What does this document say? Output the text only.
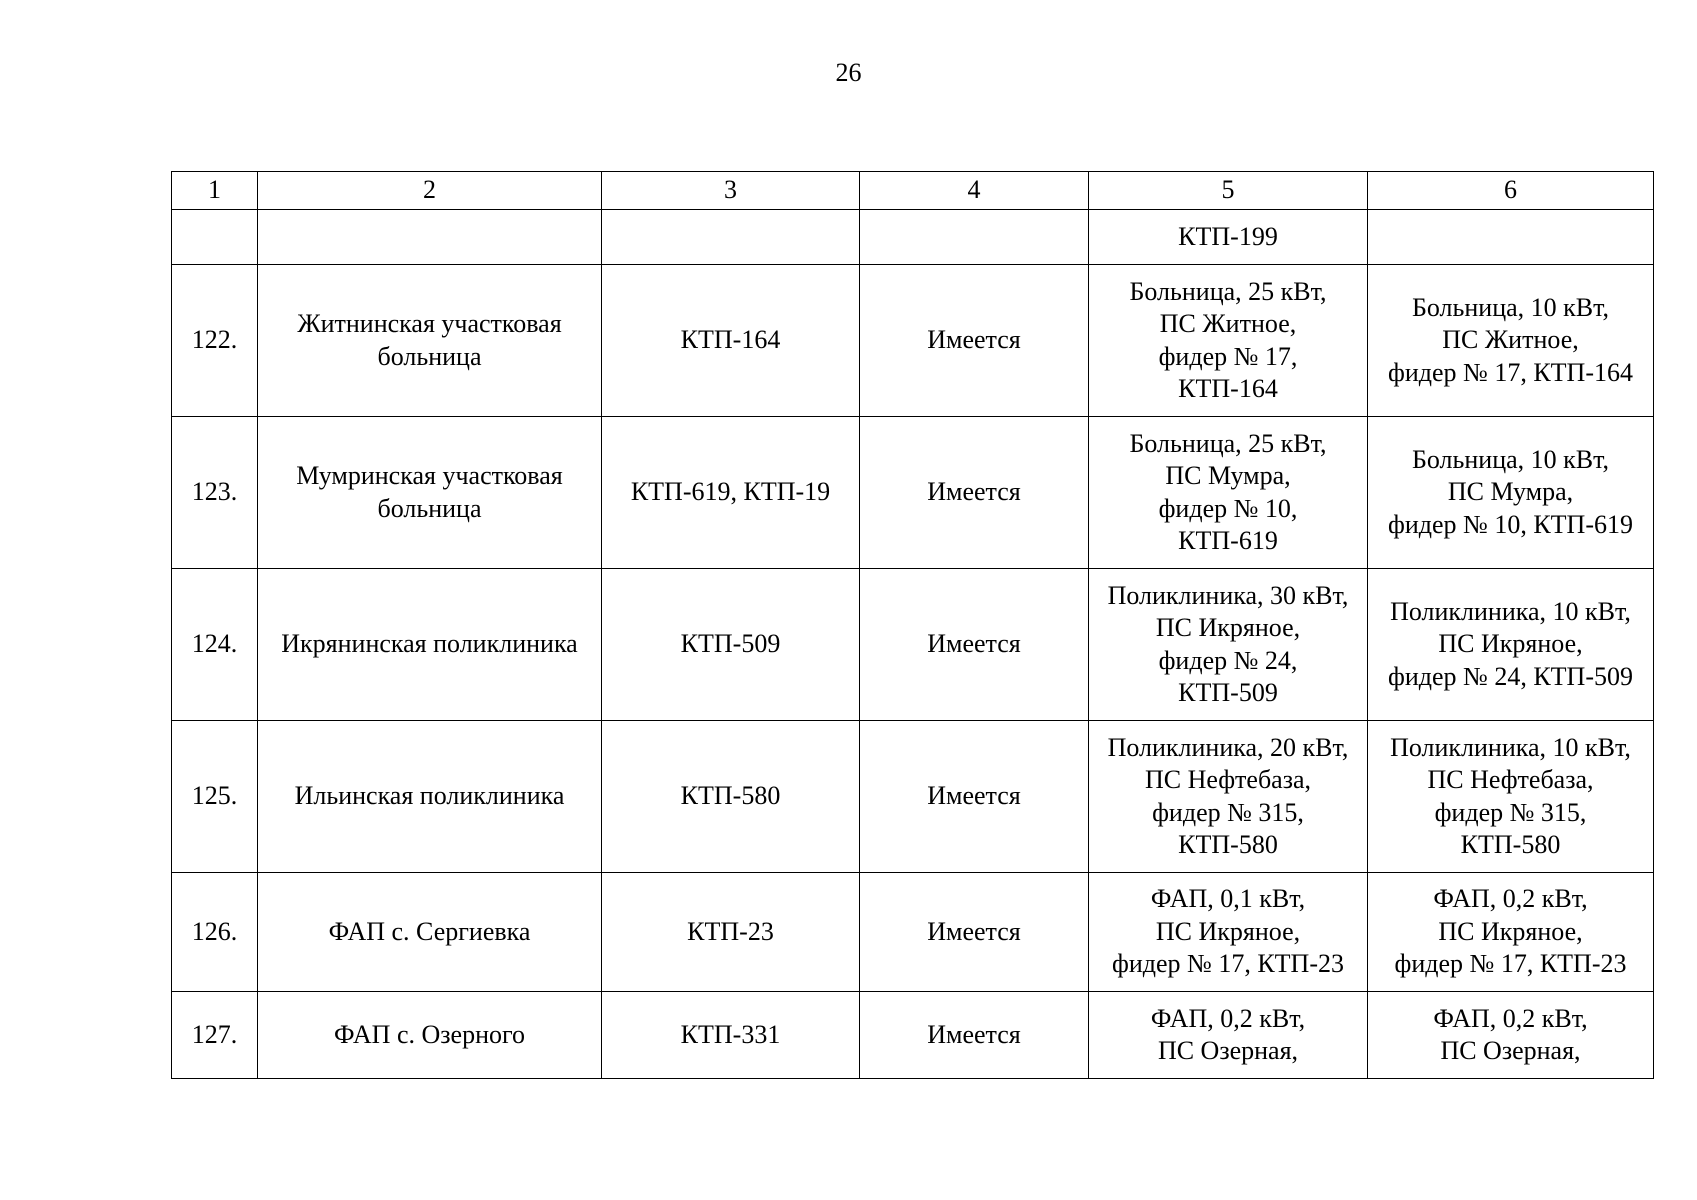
26
1	2	3	4	5	6

				КТП-199	

122.	Житнинская участковая
больница	КТП-164	Имеется	Больница, 25 кВт,
ПС Житное,
фидер № 17,
КТП-164	Больница, 10 кВт,
ПС Житное,
фидер № 17, КТП-164

123.	Мумринская участковая
больница	КТП-619, КТП-19	Имеется	Больница, 25 кВт,
ПС Мумра,
фидер № 10,
КТП-619	Больница, 10 кВт,
ПС Мумра,
фидер № 10, КТП-619

124.	Икрянинская поликлиника	КТП-509	Имеется	Поликлиника, 30 кВт,
ПС Икряное,
фидер № 24,
КТП-509	Поликлиника, 10 кВт,
ПС Икряное,
фидер № 24, КТП-509

125.	Ильинская поликлиника	КТП-580	Имеется	Поликлиника, 20 кВт,
ПС Нефтебаза,
фидер № 315,
КТП-580	Поликлиника, 10 кВт,
ПС Нефтебаза,
фидер № 315,
КТП-580

126.	ФАП с. Сергиевка	КТП-23	Имеется	ФАП, 0,1 кВт,
ПС Икряное,
фидер № 17, КТП-23	ФАП, 0,2 кВт,
ПС Икряное,
фидер № 17, КТП-23

127.	ФАП с. Озерного	КТП-331	Имеется	ФАП, 0,2 кВт,
ПС Озерная,	ФАП, 0,2 кВт,
ПС Озерная,
